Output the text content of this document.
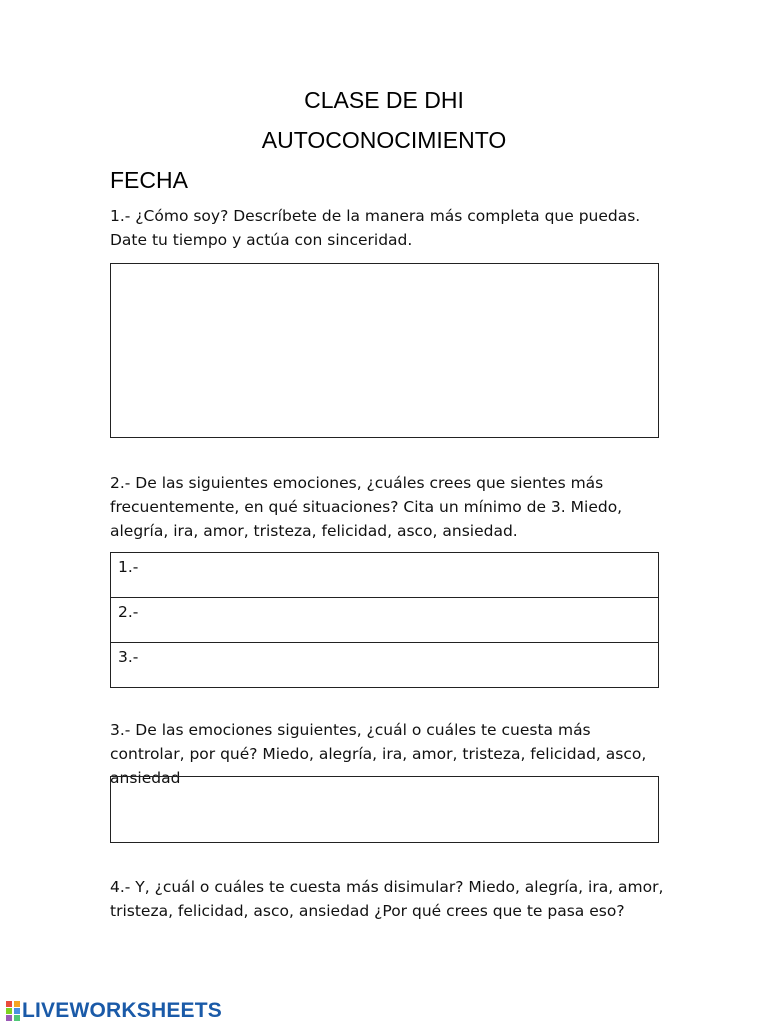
CLASE DE DHI
AUTOCONOCIMIENTO
FECHA
1.- ¿Cómo soy? Descríbete de la manera más completa que puedas. Date tu tiempo y actúa con sinceridad.
2.- De las siguientes emociones, ¿cuáles crees que sientes más frecuentemente, en qué situaciones? Cita un mínimo de 3. Miedo, alegría, ira, amor, tristeza, felicidad, asco, ansiedad.
1.-
2.-
3.-
3.- De las emociones siguientes, ¿cuál o cuáles te cuesta más controlar, por qué? Miedo, alegría, ira, amor, tristeza, felicidad, asco, ansiedad
4.- Y, ¿cuál o cuáles te cuesta más disimular? Miedo, alegría, ira, amor, tristeza, felicidad, asco, ansiedad ¿Por qué crees que te pasa eso?
LIVEWORKSHEETS
